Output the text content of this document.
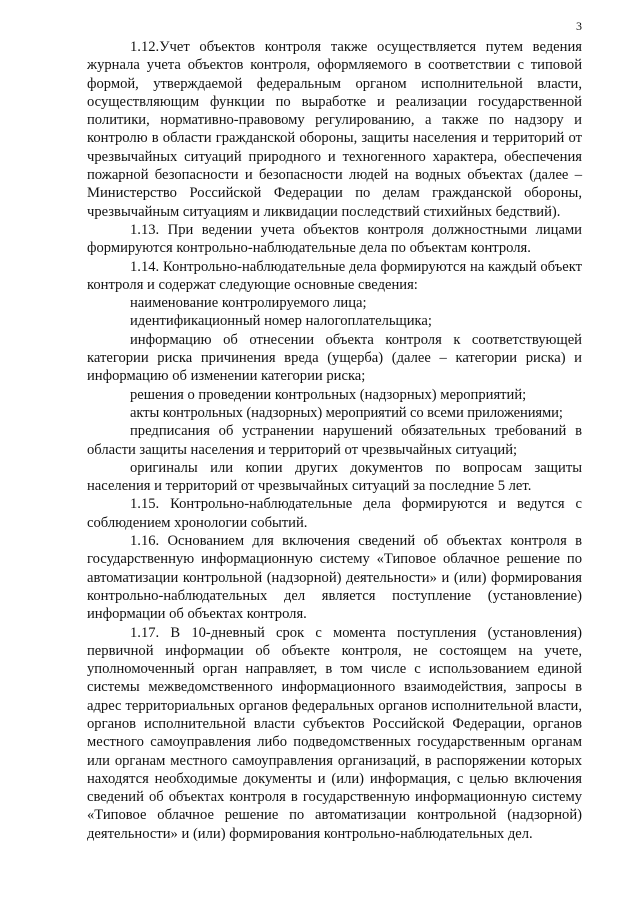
3

1.12.Учет объектов контроля также осуществляется путем ведения журнала учета объектов контроля, оформляемого в соответствии с типовой формой, утверждаемой федеральным органом исполнительной власти, осуществляющим функции по выработке и реализации государственной политики, нормативно-правовому регулированию, а также по надзору и контролю в области гражданской обороны, защиты населения и территорий от чрезвычайных ситуаций природного и техногенного характера, обеспечения пожарной безопасности и безопасности людей на водных объектах (далее – Министерство Российской Федерации по делам гражданской обороны, чрезвычайным ситуациям и ликвидации последствий стихийных бедствий).

1.13. При ведении учета объектов контроля должностными лицами формируются контрольно-наблюдательные дела по объектам контроля.

1.14. Контрольно-наблюдательные дела формируются на каждый объект контроля и содержат следующие основные сведения:

наименование контролируемого лица;

идентификационный номер налогоплательщика;

информацию об отнесении объекта контроля к соответствующей категории риска причинения вреда (ущерба) (далее – категории риска) и информацию об изменении категории риска;

решения о проведении контрольных (надзорных) мероприятий;

акты контрольных (надзорных) мероприятий со всеми приложениями;

предписания об устранении нарушений обязательных требований в области защиты населения и территорий от чрезвычайных ситуаций;

оригиналы или копии других документов по вопросам защиты населения и территорий от чрезвычайных ситуаций за последние 5 лет.

1.15. Контрольно-наблюдательные дела формируются и ведутся с соблюдением хронологии событий.

1.16. Основанием для включения сведений об объектах контроля в государственную информационную систему «Типовое облачное решение по автоматизации контрольной (надзорной) деятельности» и (или) формирования контрольно-наблюдательных дел является поступление (установление) информации об объектах контроля.

1.17. В 10-дневный срок с момента поступления (установления) первичной информации об объекте контроля, не состоящем на учете, уполномоченный орган направляет, в том числе с использованием единой системы межведомственного информационного взаимодействия, запросы в адрес территориальных органов федеральных органов исполнительной власти, органов исполнительной власти субъектов Российской Федерации, органов местного самоуправления либо подведомственных государственным органам или органам местного самоуправления организаций, в распоряжении которых находятся необходимые документы и (или) информация, с целью включения сведений об объектах контроля в государственную информационную систему «Типовое облачное решение по автоматизации контрольной (надзорной) деятельности» и (или) формирования контрольно-наблюдательных дел.
